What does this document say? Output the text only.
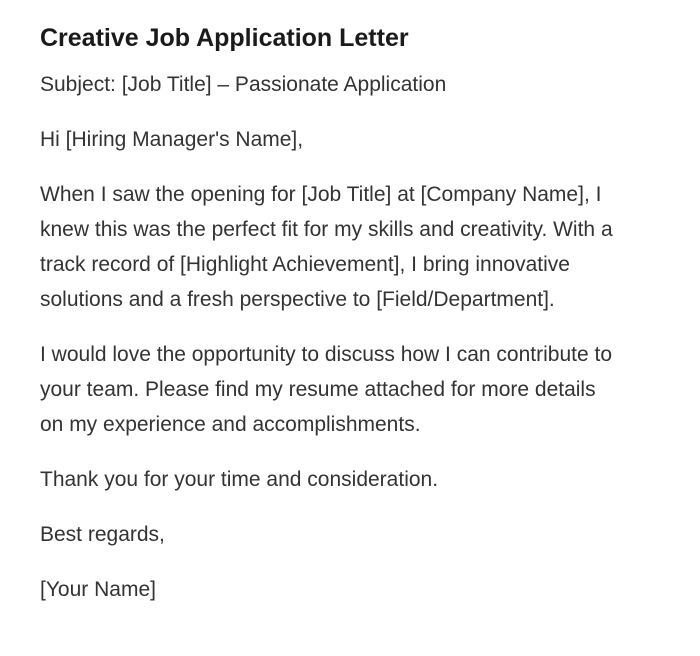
Creative Job Application Letter

Subject: [Job Title] – Passionate Application

Hi [Hiring Manager's Name],

When I saw the opening for [Job Title] at [Company Name], I knew this was the perfect fit for my skills and creativity. With a track record of [Highlight Achievement], I bring innovative solutions and a fresh perspective to [Field/Department].

I would love the opportunity to discuss how I can contribute to your team. Please find my resume attached for more details on my experience and accomplishments.

Thank you for your time and consideration.

Best regards,

[Your Name]
